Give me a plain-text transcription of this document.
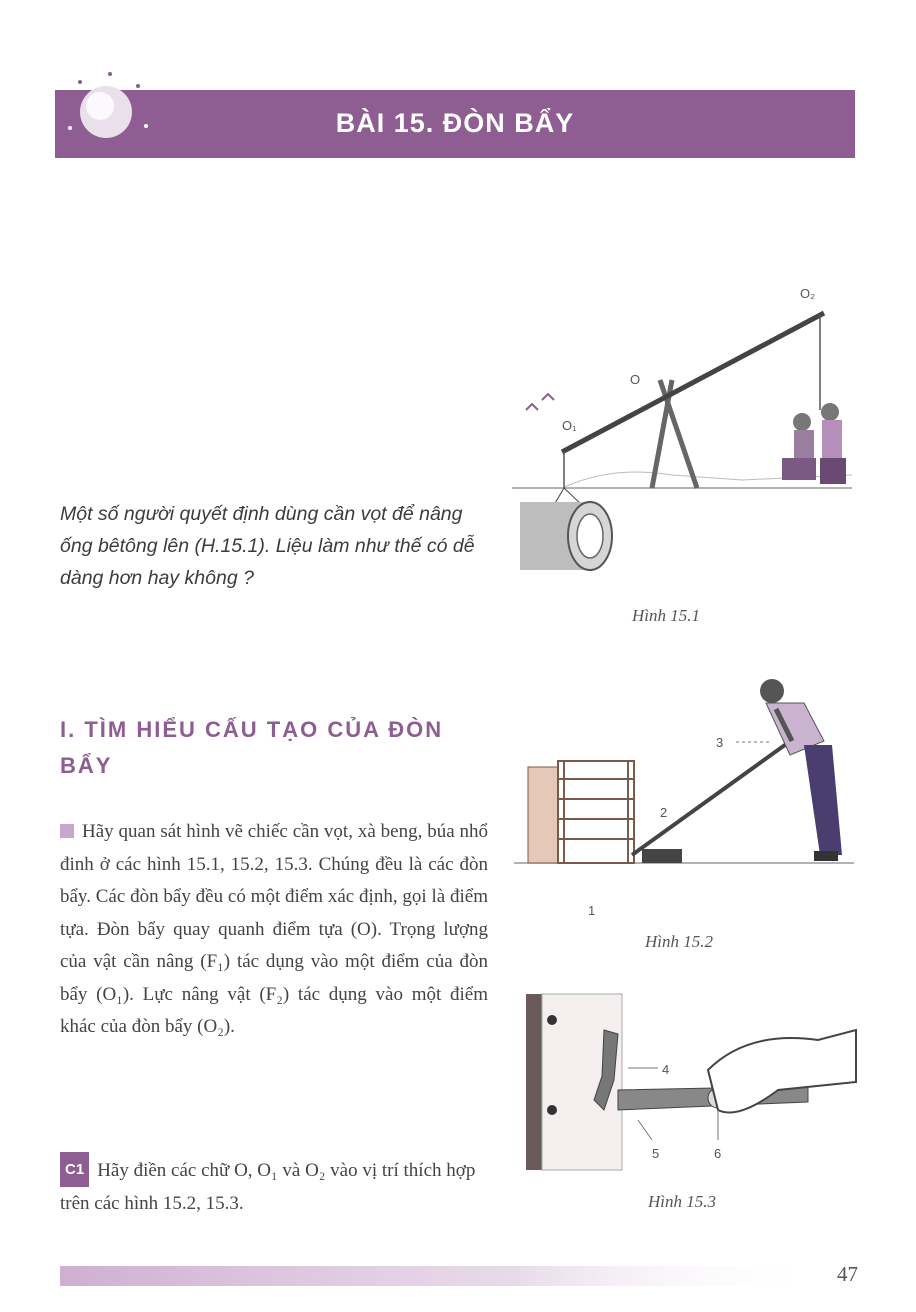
BÀI 15. ĐÒN BẨY
O
O₁
O₂
Hình 15.1
Một số người quyết định dùng cần vọt để nâng ống bêtông lên (H.15.1). Liệu làm như thế có dễ dàng hơn hay không ?
I. TÌM HIỂU CẤU TẠO CỦA ĐÒN BẨY
3
2
1
Hình 15.2
4
5	6
Hình 15.3
Hãy quan sát hình vẽ chiếc cần vọt, xà beng, búa nhổ đinh ở các hình 15.1, 15.2, 15.3. Chúng đều là các đòn bẩy. Các đòn bẩy đều có một điểm xác định, gọi là điểm tựa. Đòn bẩy quay quanh điểm tựa (O). Trọng lượng của vật cần nâng (F₁) tác dụng vào một điểm của đòn bẩy (O₁). Lực nâng vật (F₂) tác dụng vào một điểm khác của đòn bẩy (O₂).
C1 Hãy điền các chữ O, O₁ và O₂ vào vị trí thích hợp trên các hình 15.2, 15.3.
47
